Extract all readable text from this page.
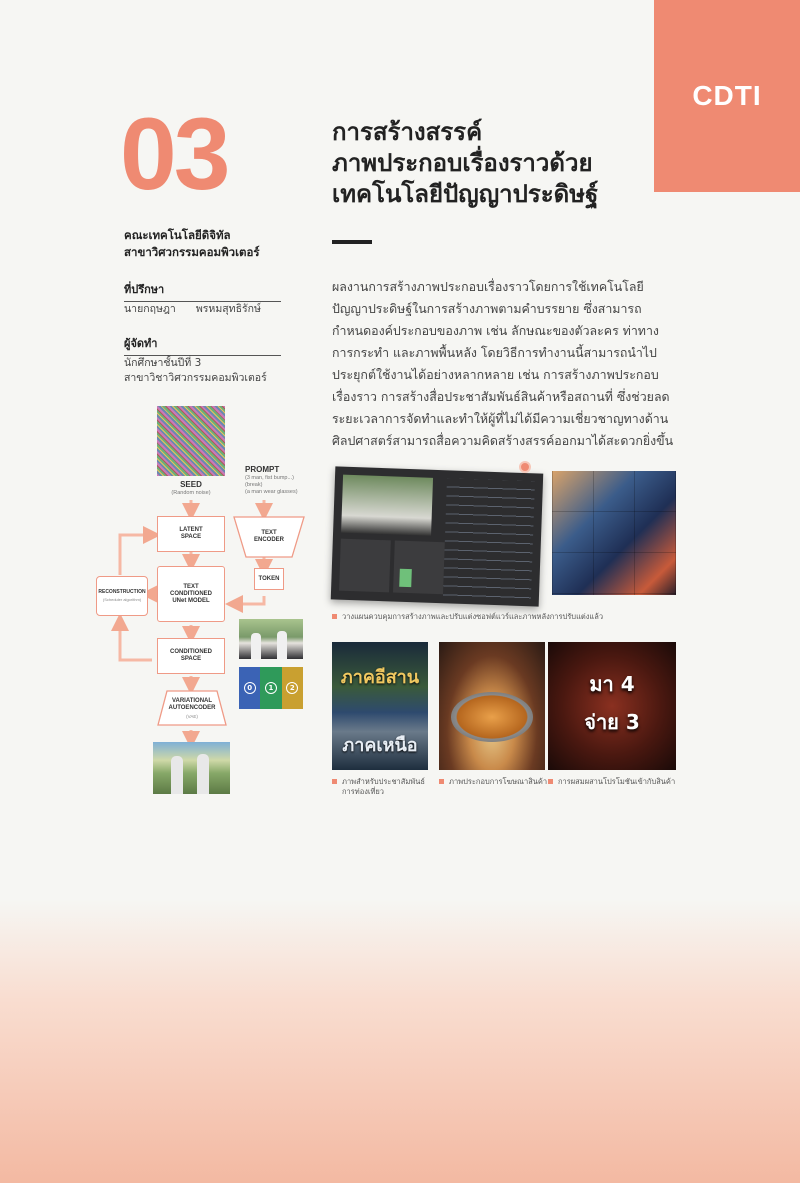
CDTI
03
คณะเทคโนโลยีดิจิทัล
สาขาวิศวกรรมคอมพิวเตอร์
ที่ปรึกษา
นายกฤษฎา      พรหมสุทธิรักษ์
ผู้จัดทำ
นักศึกษาชั้นปีที่ 3
สาขาวิชาวิศวกรรมคอมพิวเตอร์
การสร้างสรรค์
ภาพประกอบเรื่องราวด้วย
เทคโนโลยีปัญญาประดิษฐ์
ผลงานการสร้างภาพประกอบเรื่องราวโดยการใช้เทคโนโลยีปัญญาประดิษฐ์ในการสร้างภาพตามคำบรรยาย ซึ่งสามารถกำหนดองค์ประกอบของภาพ เช่น ลักษณะของตัวละคร ท่าทาง การกระทำ และภาพพื้นหลัง โดยวิธีการทำงานนี้สามารถนำไปประยุกต์ใช้งานได้อย่างหลากหลาย เช่น การสร้างภาพประกอบเรื่องราว การสร้างสื่อประชาสัมพันธ์สินค้าหรือสถานที่ ซึ่งช่วยลดระยะเวลาการจัดทำและทำให้ผู้ที่ไม่ได้มีความเชี่ยวชาญทางด้านศิลปศาสตร์สามารถสื่อความคิดสร้างสรรค์ออกมาได้สะดวกยิ่งขึ้น
SEED
(Random noise)
PROMPT
(3 man, fist bump...)
(break)
(a man wear glasses)
LATENT
SPACE
TEXT
ENCODER
TOKEN
TEXT
CONDITIONED
UNet MODEL
RECONSTRUCTION
(Scheduler algorithm)
CONDITIONED
SPACE
VARIATIONAL
AUTOENCODER
(VAE)
0	1	2
วางแผนควบคุมการสร้างภาพและปรับแต่งซอฟต์แวร์และภาพหลังการปรับแต่งแล้ว
ภาคอีสาน
ภาคเหนือ
มา 4
จ่าย 3
ภาพสำหรับประชาสัมพันธ์การท่องเที่ยว
ภาพประกอบการโฆษณาสินค้า การผสมผสานโปรโมชันเข้ากับสินค้า
